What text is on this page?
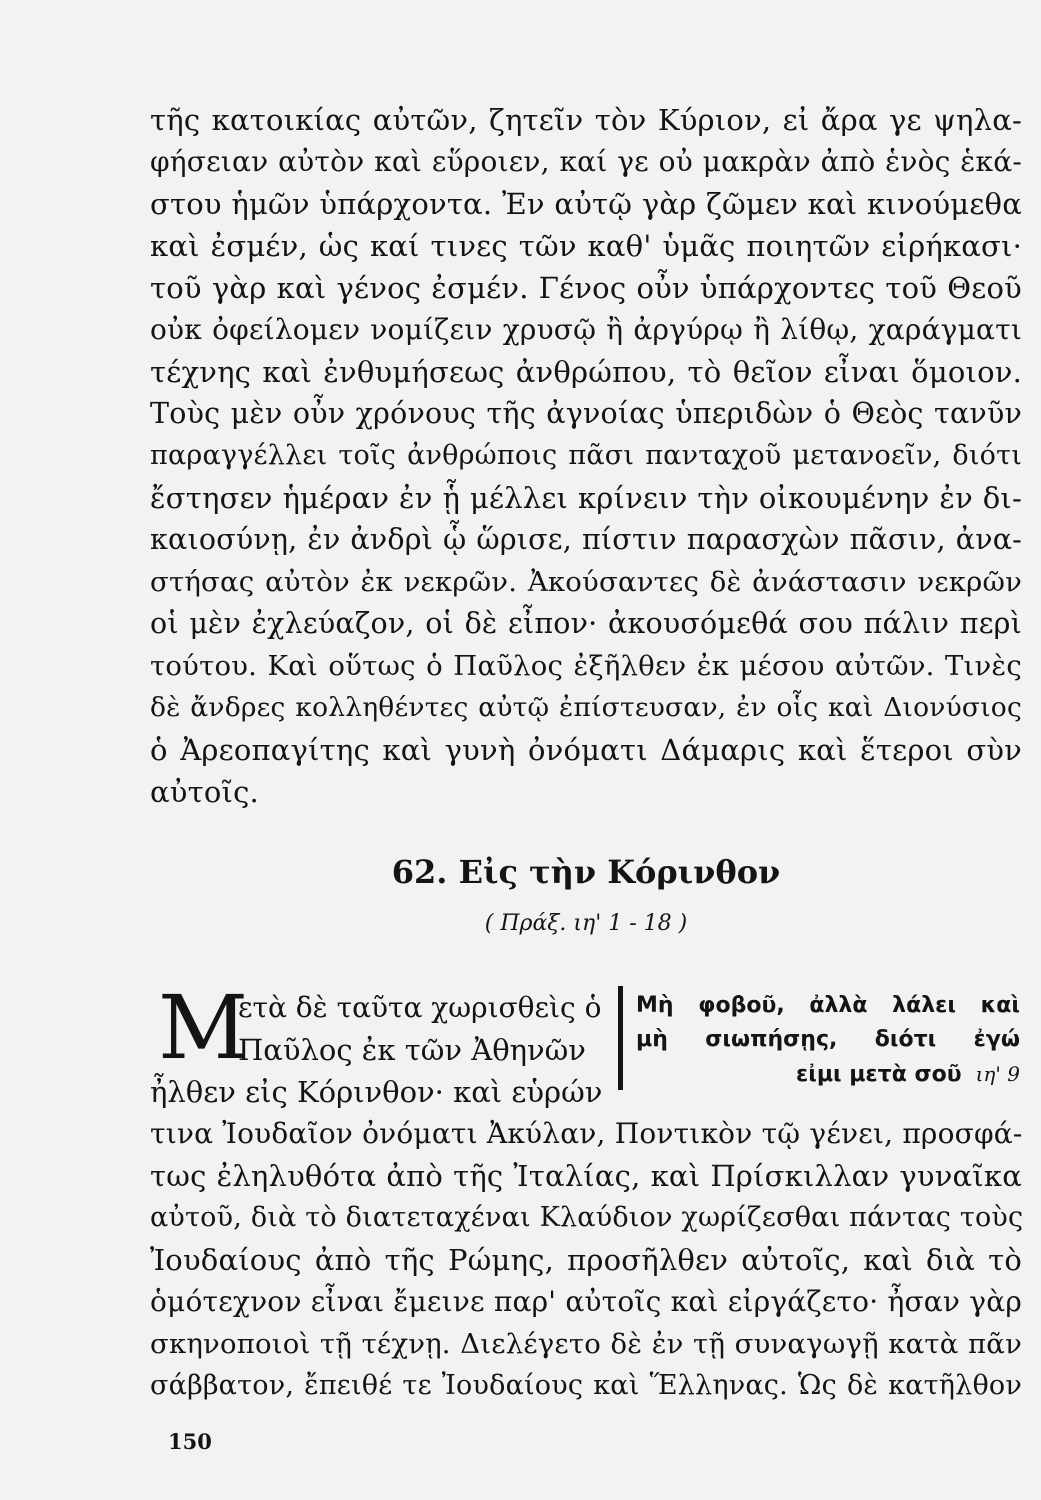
τῆς κατοικίας αὐτῶν, ζητεῖν τὸν Κύριον, εἰ ἄρα γε ψηλα-
φήσειαν αὐτὸν καὶ εὕροιεν, καί γε οὐ μακρὰν ἀπὸ ἑνὸς ἑκά-
στου ἡμῶν ὑπάρχοντα. Ἐν αὐτῷ γὰρ ζῶμεν καὶ κινούμεθα
καὶ ἐσμέν, ὡς καί τινες τῶν καθ' ὑμᾶς ποιητῶν εἰρήκασι·
τοῦ γὰρ καὶ γένος ἐσμέν. Γένος οὖν ὑπάρχοντες τοῦ Θεοῦ
οὐκ ὀφείλομεν νομίζειν χρυσῷ ἢ ἀργύρῳ ἢ λίθῳ, χαράγματι
τέχνης καὶ ἐνθυμήσεως ἀνθρώπου, τὸ θεῖον εἶναι ὅμοιον.
Τοὺς μὲν οὖν χρόνους τῆς ἀγνοίας ὑπεριδὼν ὁ Θεὸς τανῦν
παραγγέλλει τοῖς ἀνθρώποις πᾶσι πανταχοῦ μετανοεῖν, διότι
ἔστησεν ἡμέραν ἐν ᾗ μέλλει κρίνειν τὴν οἰκουμένην ἐν δι-
καιοσύνῃ, ἐν ἀνδρὶ ᾧ ὥρισε, πίστιν παρασχὼν πᾶσιν, ἀνα-
στήσας αὐτὸν ἐκ νεκρῶν. Ἀκούσαντες δὲ ἀνάστασιν νεκρῶν
οἱ μὲν ἐχλεύαζον, οἱ δὲ εἶπον· ἀκουσόμεθά σου πάλιν περὶ
τούτου. Καὶ οὕτως ὁ Παῦλος ἐξῆλθεν ἐκ μέσου αὐτῶν. Τινὲς
δὲ ἄνδρες κολληθέντες αὐτῷ ἐπίστευσαν, ἐν οἷς καὶ Διονύσιος
ὁ Ἀρεοπαγίτης καὶ γυνὴ ὀνόματι Δάμαρις καὶ ἕτεροι σὺν
αὐτοῖς.
62. Εἰς τὴν Κόρινθον
( Πράξ. ιη' 1 - 18 )
Μ
ετὰ δὲ ταῦτα χωρισθεὶς ὁ
Παῦλος ἐκ τῶν Ἀθηνῶν
ἦλθεν εἰς Κόρινθον· καὶ εὑρών
Μὴ φοβοῦ, ἀλλὰ λάλει καὶ
μὴ σιωπήσῃς, διότι ἐγώ
εἰμι μετὰ σοῦ ιη' 9
τινα Ἰουδαῖον ὀνόματι Ἀκύλαν, Ποντικὸν τῷ γένει, προσφά-
τως ἐληλυθότα ἀπὸ τῆς Ἰταλίας, καὶ Πρίσκιλλαν γυναῖκα
αὐτοῦ, διὰ τὸ διατεταχέναι Κλαύδιον χωρίζεσθαι πάντας τοὺς
Ἰουδαίους ἀπὸ τῆς Ρώμης, προσῆλθεν αὐτοῖς, καὶ διὰ τὸ
ὁμότεχνον εἶναι ἔμεινε παρ' αὐτοῖς καὶ εἰργάζετο· ἦσαν γὰρ
σκηνοποιοὶ τῇ τέχνῃ. Διελέγετο δὲ ἐν τῇ συναγωγῇ κατὰ πᾶν
σάββατον, ἔπειθέ τε Ἰουδαίους καὶ Ἕλληνας. Ὡς δὲ κατῆλθον
150
